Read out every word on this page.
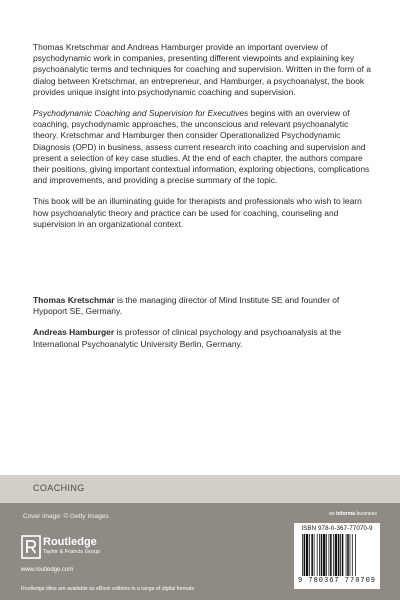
Thomas Kretschmar and Andreas Hamburger provide an important overview of psychodynamic work in companies, presenting different viewpoints and explaining key psychoanalytic terms and techniques for coaching and supervision. Written in the form of a dialog between Kretschmar, an entrepreneur, and Hamburger, a psychoanalyst, the book provides unique insight into psychodynamic coaching and supervision.

Psychodynamic Coaching and Supervision for Executives begins with an overview of coaching, psychodynamic approaches, the unconscious and relevant psychoanalytic theory. Kretschmar and Hamburger then consider Operationalized Psychodynamic Diagnosis (OPD) in business, assess current research into coaching and supervision and present a selection of key case studies. At the end of each chapter, the authors compare their positions, giving important contextual information, exploring objections, complications and improvements, and providing a precise summary of the topic.

This book will be an illuminating guide for therapists and professionals who wish to learn how psychoanalytic theory and practice can be used for coaching, counseling and supervision in an organizational context.

Thomas Kretschmar is the managing director of Mind Institute SE and founder of Hypoport SE, Germany.

Andreas Hamburger is professor of clinical psychology and psychoanalysis at the International Psychoanalytic University Berlin, Germany.

COACHING
Cover image: © Getty Images
Routledge
Taylor & Francis Group
www.routledge.com
Routledge titles are available as eBook editions in a range of digital formats
an informa business
ISBN 978-0-367-77070-9
9 780367 770709
